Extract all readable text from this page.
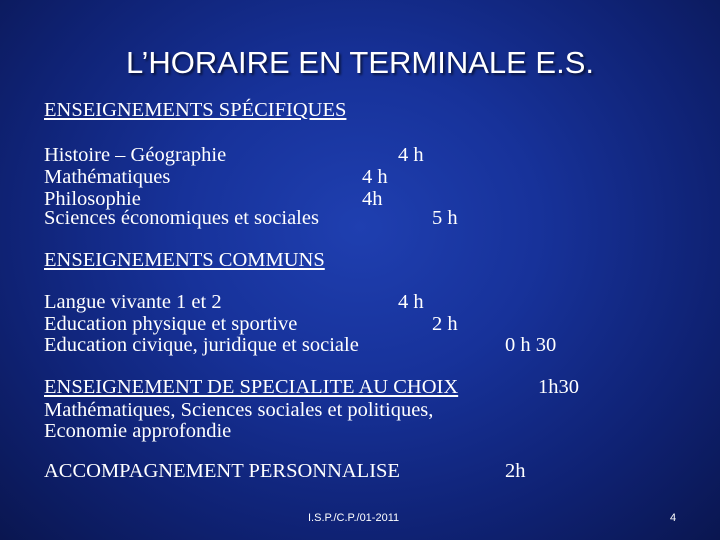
L’HORAIRE EN TERMINALE E.S.
ENSEIGNEMENTS SPÉCIFIQUES
Histoire – Géographie	4 h
Mathématiques	4 h
Philosophie	4h
Sciences économiques et sociales	5 h
ENSEIGNEMENTS COMMUNS
Langue vivante 1 et 2	4 h
Education physique et sportive	2 h
Education civique, juridique et sociale	0 h 30
ENSEIGNEMENT DE SPECIALITE AU CHOIX	1h30
Mathématiques, Sciences sociales et politiques,
Economie approfondie
ACCOMPAGNEMENT PERSONNALISE	2h
I.S.P./C.P./01-2011	4
